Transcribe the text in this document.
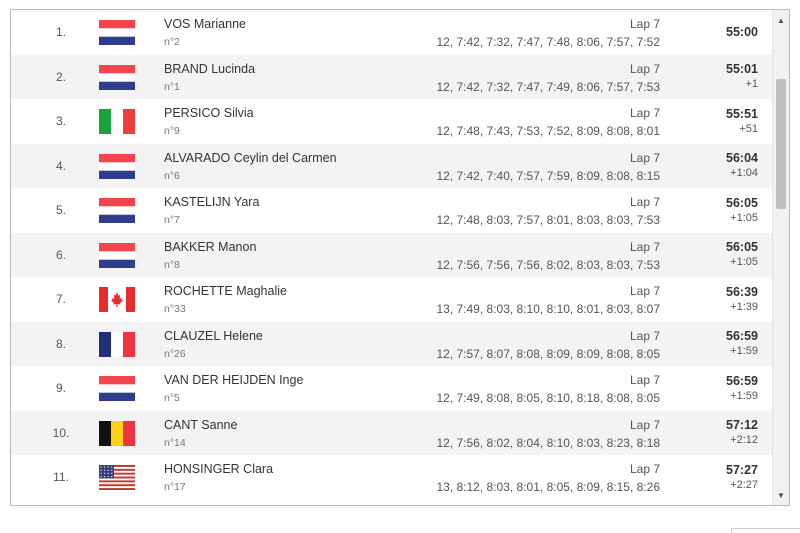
1.
VOS Marianne
n°2
Lap 7
12, 7:42, 7:32, 7:47, 7:48, 8:06, 7:57, 7:52
55:00
2.
BRAND Lucinda
n°1
Lap 7
12, 7:42, 7:32, 7:47, 7:49, 8:06, 7:57, 7:53
55:01
+1
3.
PERSICO Silvia
n°9
Lap 7
12, 7:48, 7:43, 7:53, 7:52, 8:09, 8:08, 8:01
55:51
+51
4.
ALVARADO Ceylin del Carmen
n°6
Lap 7
12, 7:42, 7:40, 7:57, 7:59, 8:09, 8:08, 8:15
56:04
+1:04
5.
KASTELIJN Yara
n°7
Lap 7
12, 7:48, 8:03, 7:57, 8:01, 8:03, 8:03, 7:53
56:05
+1:05
6.
BAKKER Manon
n°8
Lap 7
12, 7:56, 7:56, 7:56, 8:02, 8:03, 8:03, 7:53
56:05
+1:05
7.
ROCHETTE Maghalie
n°33
Lap 7
13, 7:49, 8:03, 8:10, 8:10, 8:01, 8:03, 8:07
56:39
+1:39
8.
CLAUZEL Helene
n°26
Lap 7
12, 7:57, 8:07, 8:08, 8:09, 8:09, 8:08, 8:05
56:59
+1:59
9.
VAN DER HEIJDEN Inge
n°5
Lap 7
12, 7:49, 8:08, 8:05, 8:10, 8:18, 8:08, 8:05
56:59
+1:59
10.
CANT Sanne
n°14
Lap 7
12, 7:56, 8:02, 8:04, 8:10, 8:03, 8:23, 8:18
57:12
+2:12
11.
HONSINGER Clara
n°17
Lap 7
13, 8:12, 8:03, 8:01, 8:05, 8:09, 8:15, 8:26
57:27
+2:27
▲
▼
